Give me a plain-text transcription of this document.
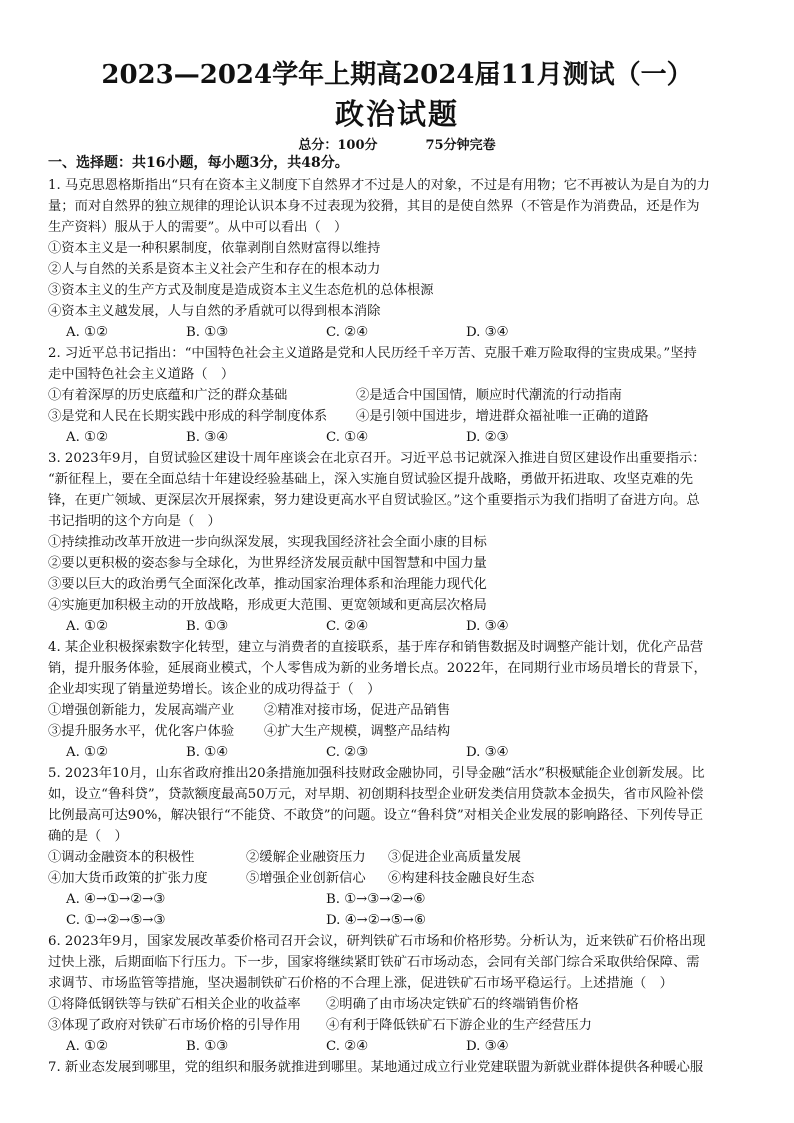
2023—2024学年上期高2024届11月测试（一）
政治试题
总分：100分	75分钟完卷
一、选择题：共16小题，每小题3分，共48分。
1. 马克思恩格斯指出“只有在资本主义制度下自然界才不过是人的对象，不过是有用物；它不再被认为是自为的力
量；而对自然界的独立规律的理论认识本身不过表现为狡猾，其目的是使自然界（不管是作为消费品，还是作为
生产资料）服从于人的需要”。从中可以看出（　）
①资本主义是一种积累制度，依靠剥削自然财富得以维持
②人与自然的关系是资本主义社会产生和存在的根本动力
③资本主义的生产方式及制度是造成资本主义生态危机的总体根源
④资本主义越发展，人与自然的矛盾就可以得到根本消除
A. ①②	B. ①③	C. ②④	D. ③④
2. 习近平总书记指出：“中国特色社会主义道路是党和人民历经千辛万苦、克服千难万险取得的宝贵成果。”坚持
走中国特色社会主义道路（　）
①有着深厚的历史底蕴和广泛的群众基础	②是适合中国国情，顺应时代潮流的行动指南
③是党和人民在长期实践中形成的科学制度体系 ④是引领中国进步，增进群众福祉唯一正确的道路
A. ①②	B. ③④	C. ①④	D. ②③
3. 2023年9月，自贸试验区建设十周年座谈会在北京召开。习近平总书记就深入推进自贸区建设作出重要指示：
“新征程上，要在全面总结十年建设经验基础上，深入实施自贸试验区提升战略，勇做开拓进取、攻坚克难的先
锋，在更广领域、更深层次开展探索，努力建设更高水平自贸试验区。”这个重要指示为我们指明了奋进方向。总
书记指明的这个方向是（　）
①持续推动改革开放进一步向纵深发展，实现我国经济社会全面小康的目标
②要以更积极的姿态参与全球化，为世界经济发展贡献中国智慧和中国力量
③要以巨大的政治勇气全面深化改革，推动国家治理体系和治理能力现代化
④实施更加积极主动的开放战略，形成更大范围、更宽领域和更高层次格局
A. ①②	B. ①③	C. ②④	D. ③④
4. 某企业积极探索数字化转型，建立与消费者的直接联系，基于库存和销售数据及时调整产能计划，优化产品营
销，提升服务体验，延展商业模式，个人零售成为新的业务增长点。2022年，在同期行业市场员增长的背景下，
企业却实现了销量逆势增长。该企业的成功得益于（　）
①增强创新能力，发展高端产业 ②精准对接市场，促进产品销售
③提升服务水平，优化客户体验 ④扩大生产规模，调整产品结构
A. ①②	B. ①④	C. ②③	D. ③④
5. 2023年10月，山东省政府推出20条措施加强科技财政金融协同，引导金融“活水”积极赋能企业创新发展。比
如，设立“鲁科贷”，贷款额度最高50万元，对早期、初创期科技型企业研发类信用贷款本金损失，省市风险补偿
比例最高可达90%，解决银行“不能贷、不敢贷”的问题。设立“鲁科贷”对相关企业发展的影响路径、下列传导正
确的是（　）
①调动金融资本的积极性	②缓解企业融资压力 ③促进企业高质量发展
④加大货币政策的扩张力度	⑤增强企业创新信心 ⑥构建科技金融良好生态
A. ④→①→②→③	B. ①→③→②→⑥
C. ①→②→⑤→③	D. ④→②→⑤→⑥
6. 2023年9月，国家发展改革委价格司召开会议，研判铁矿石市场和价格形势。分析认为，近来铁矿石价格出现
过快上涨，后期面临下行压力。下一步，国家将继续紧盯铁矿石市场动态，会同有关部门综合采取供给保障、需
求调节、市场监管等措施，坚决遏制铁矿石价格的不合理上涨，促进铁矿石市场平稳运行。上述措施（　）
①将降低钢铁等与铁矿石相关企业的收益率 ②明确了由市场决定铁矿石的终端销售价格
③体现了政府对铁矿石市场价格的引导作用 ④有利于降低铁矿石下游企业的生产经营压力
A. ①②	B. ①③	C. ②④	D. ③④
7. 新业态发展到哪里，党的组织和服务就推进到哪里。某地通过成立行业党建联盟为新就业群体提供各种暖心服
